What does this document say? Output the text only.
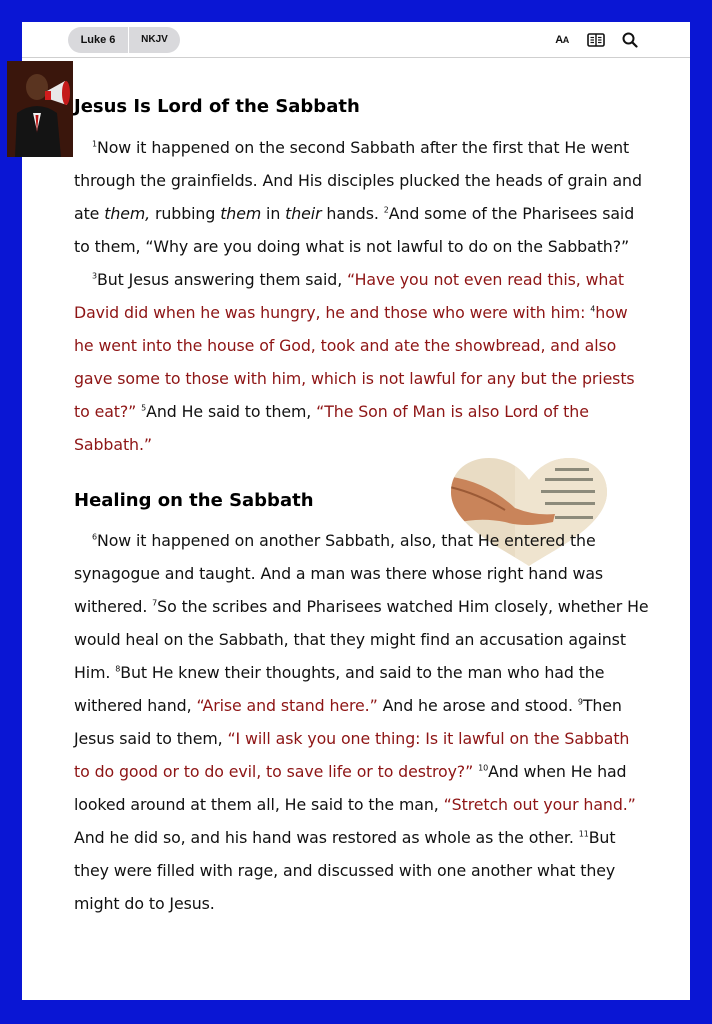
Luke 6	NKJV	A A
Jesus Is Lord of the Sabbath

$^1$Now it happened on the second Sabbath after the first that He went through the grainfields. And His disciples plucked the heads of grain and ate them, rubbing them in their hands. $^2$And some of the Pharisees said to them, “Why are you doing what is not lawful to do on the Sabbath?”

$^3$But Jesus answering them said, “Have you not even read this, what David did when he was hungry, he and those who were with him: $^4$how he went into the house of God, took and ate the showbread, and also gave some to those with him, which is not lawful for any but the priests to eat?” $^5$And He said to them, “The Son of Man is also Lord of the Sabbath.”

Healing on the Sabbath

$^6$Now it happened on another Sabbath, also, that He entered the synagogue and taught. And a man was there whose right hand was withered. $^7$So the scribes and Pharisees watched Him closely, whether He would heal on the Sabbath, that they might find an accusation against Him. $^8$But He knew their thoughts, and said to the man who had the withered hand, “Arise and stand here.” And he arose and stood. $^9$Then Jesus said to them, “I will ask you one thing: Is it lawful on the Sabbath to do good or to do evil, to save life or to destroy?” $^{10}$And when He had looked around at them all, He said to the man, “Stretch out your hand.” And he did so, and his hand was restored as whole as the other. $^{11}$But they were filled with rage, and discussed with one another what they might do to Jesus.
